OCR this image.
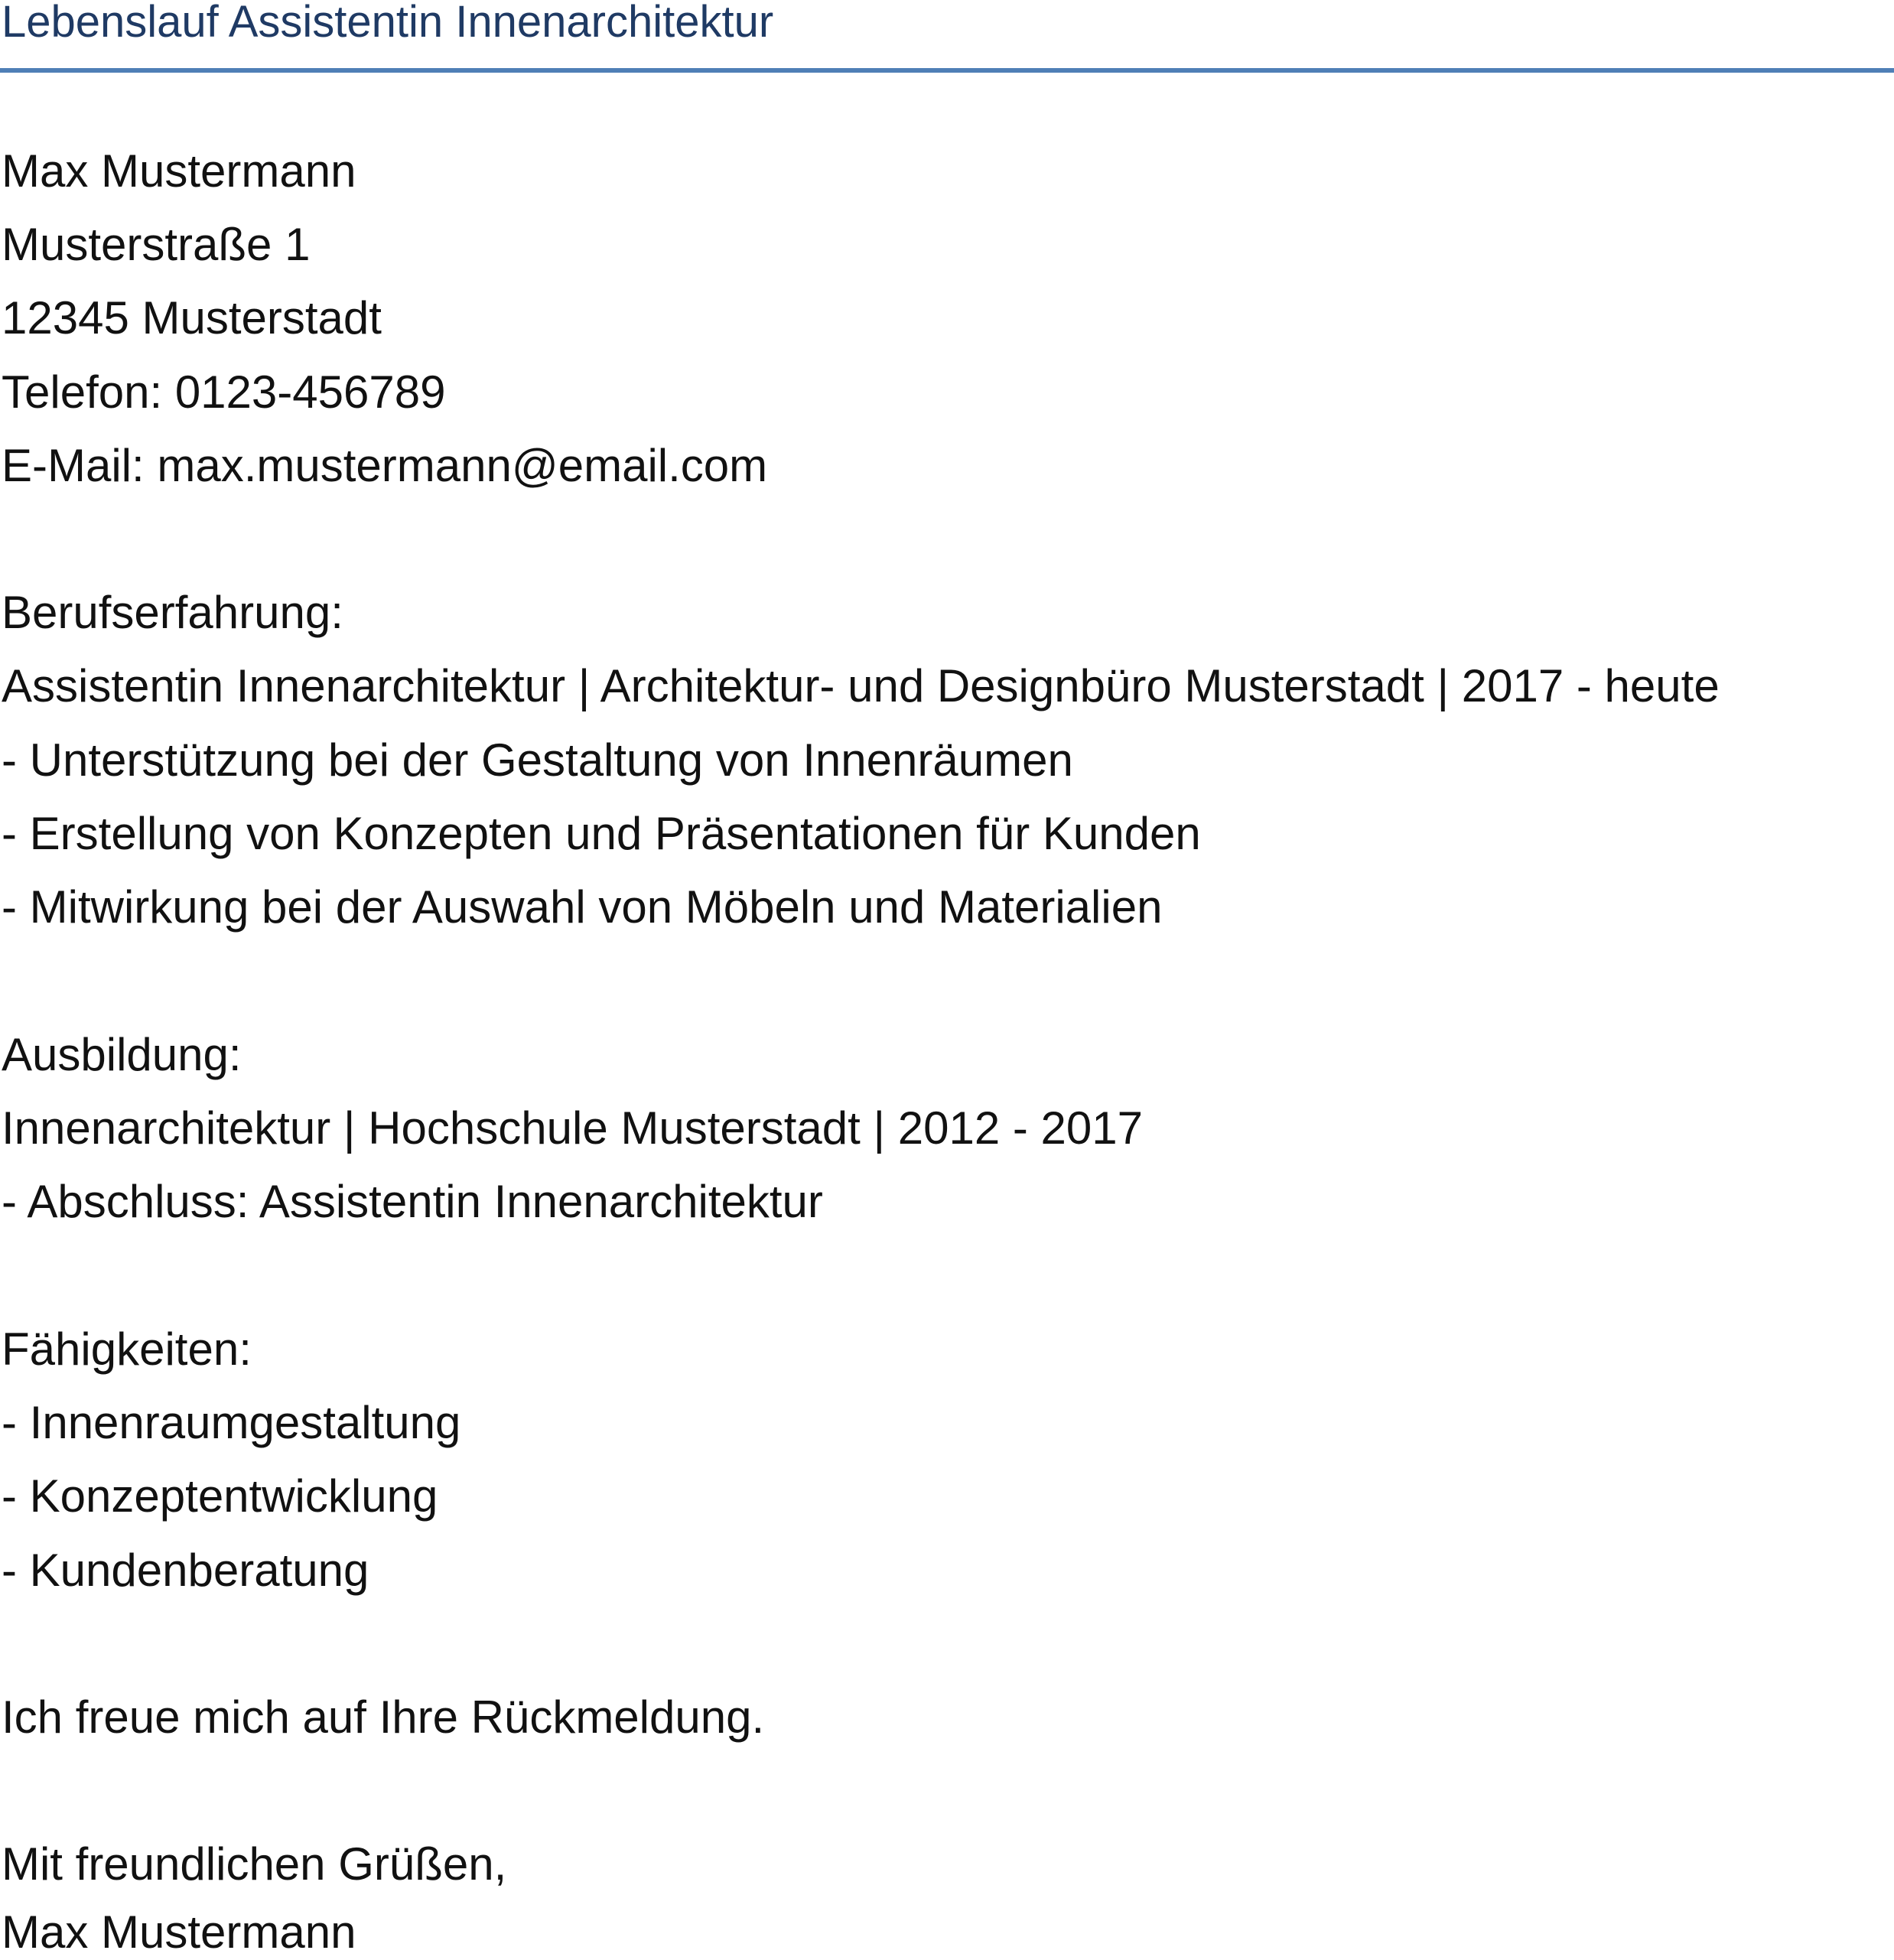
Lebenslauf Assistentin Innenarchitektur

Max Mustermann

Musterstraße 1

12345 Musterstadt

Telefon: 0123-456789

E-Mail: max.mustermann@email.com

Berufserfahrung:

Assistentin Innenarchitektur | Architektur- und Designbüro Musterstadt | 2017 - heute

- Unterstützung bei der Gestaltung von Innenräumen

- Erstellung von Konzepten und Präsentationen für Kunden

- Mitwirkung bei der Auswahl von Möbeln und Materialien

Ausbildung:

Innenarchitektur | Hochschule Musterstadt | 2012 - 2017

- Abschluss: Assistentin Innenarchitektur

Fähigkeiten:

- Innenraumgestaltung

- Konzeptentwicklung

- Kundenberatung

Ich freue mich auf Ihre Rückmeldung.

Mit freundlichen Grüßen,

Max Mustermann
